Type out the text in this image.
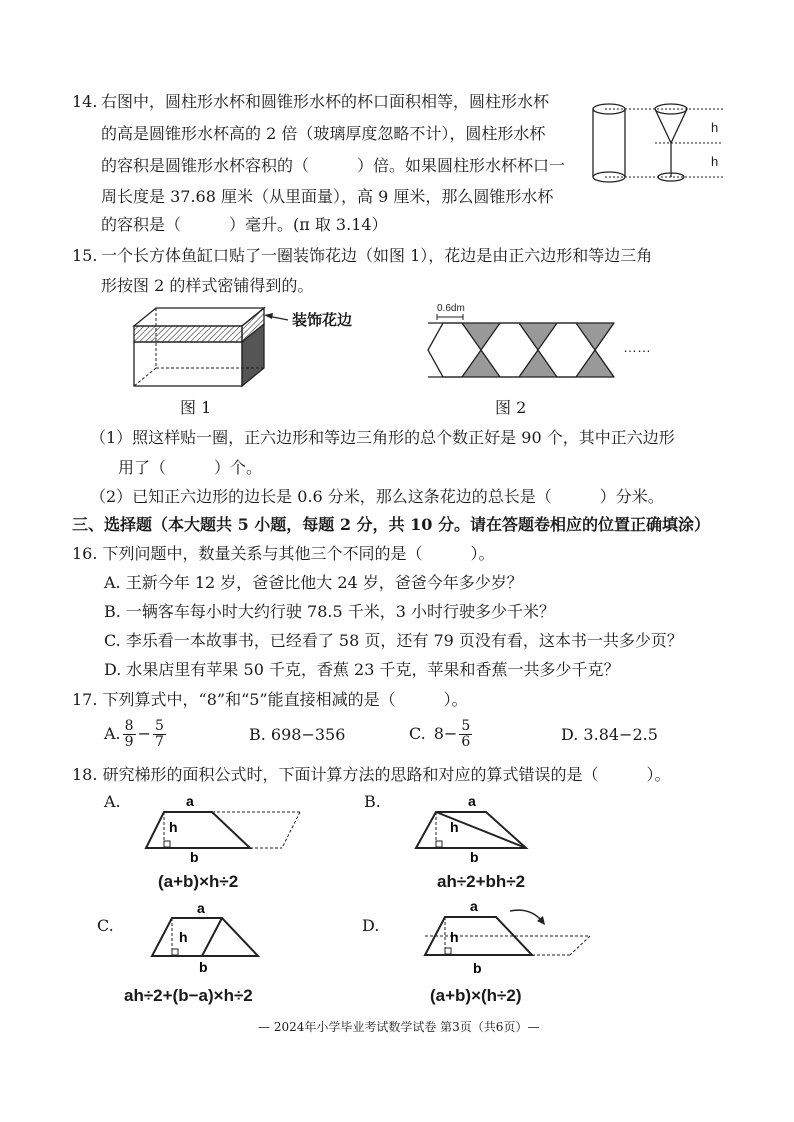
14. 右图中，圆柱形水杯和圆锥形水杯的杯口面积相等，圆柱形水杯
的高是圆锥形水杯高的 2 倍（玻璃厚度忽略不计），圆柱形水杯
的容积是圆锥形水杯容积的（　　　）倍。如果圆柱形水杯杯口一
周长度是 37.68 厘米（从里面量），高 9 厘米，那么圆锥形水杯
的容积是（　　　）毫升。(π 取 3.14）
h
h
15. 一个长方体鱼缸口贴了一圈装饰花边（如图 1），花边是由正六边形和等边三角
形按图 2 的样式密铺得到的。
装饰花边
图 1
0.6dm
……
图 2
（1）照这样贴一圈，正六边形和等边三角形的总个数正好是 90 个，其中正六边形
用了（　　　）个。
（2）已知正六边形的边长是 0.6 分米，那么这条花边的总长是（　　　）分米。
三、选择题（本大题共 5 小题，每题 2 分，共 10 分。请在答题卷相应的位置正确填涂）
16. 下列问题中，数量关系与其他三个不同的是（　　　）。
A. 王新今年 12 岁，爸爸比他大 24 岁，爸爸今年多少岁？
B. 一辆客车每小时大约行驶 78.5 千米，3 小时行驶多少千米？
C. 李乐看一本故事书，已经看了 58 页，还有 79 页没有看，这本书一共多少页？
D. 水果店里有苹果 50 千克，香蕉 23 千克，苹果和香蕉一共多少千克？
17. 下列算式中，“8”和“5”能直接相减的是（　　　）。
A. $\frac{8}{9} - \frac{5}{7}$	B. 698−356	C. $8- \frac{5}{6}$	D. 3.84−2.5
18. 研究梯形的面积公式时，下面计算方法的思路和对应的算式错误的是（　　　）。
A.	a
h
b
(a+b)×h÷2
B.	a
h
b
ah÷2+bh÷2
C.
a
h
b
ah÷2+(b−a)×h÷2
D.
a
h
b
(a+b)×(h÷2)
— 2024年小学毕业考试数学试卷 第3页（共6页）—
